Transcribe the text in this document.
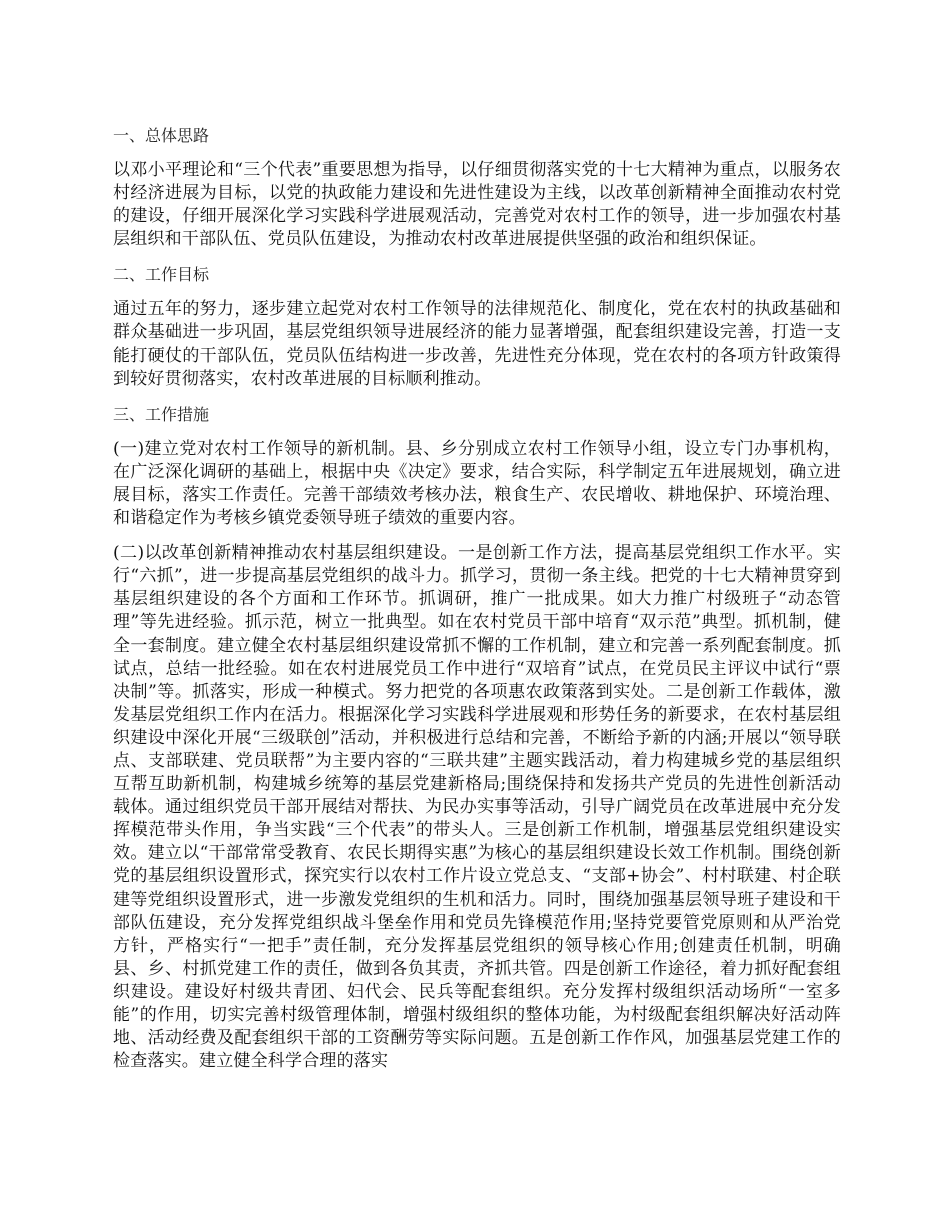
一、总体思路

以邓小平理论和“三个代表”重要思想为指导，以仔细贯彻落实党的十七大精神为重点，以服务农村经济进展为目标，以党的执政能力建设和先进性建设为主线，以改革创新精神全面推动农村党的建设，仔细开展深化学习实践科学进展观活动，完善党对农村工作的领导，进一步加强农村基层组织和干部队伍、党员队伍建设，为推动农村改革进展提供坚强的政治和组织保证。

二、工作目标

通过五年的努力，逐步建立起党对农村工作领导的法律规范化、制度化，党在农村的执政基础和群众基础进一步巩固，基层党组织领导进展经济的能力显著增强，配套组织建设完善，打造一支能打硬仗的干部队伍，党员队伍结构进一步改善，先进性充分体现，党在农村的各项方针政策得到较好贯彻落实，农村改革进展的目标顺利推动。

三、工作措施

(一)建立党对农村工作领导的新机制。县、乡分别成立农村工作领导小组，设立专门办事机构，在广泛深化调研的基础上，根据中央《决定》要求，结合实际，科学制定五年进展规划，确立进展目标，落实工作责任。完善干部绩效考核办法，粮食生产、农民增收、耕地保护、环境治理、和谐稳定作为考核乡镇党委领导班子绩效的重要内容。

(二)以改革创新精神推动农村基层组织建设。一是创新工作方法，提高基层党组织工作水平。实行“六抓”，进一步提高基层党组织的战斗力。抓学习，贯彻一条主线。把党的十七大精神贯穿到基层组织建设的各个方面和工作环节。抓调研，推广一批成果。如大力推广村级班子“动态管理”等先进经验。抓示范，树立一批典型。如在农村党员干部中培育“双示范”典型。抓机制，健全一套制度。建立健全农村基层组织建设常抓不懈的工作机制，建立和完善一系列配套制度。抓试点，总结一批经验。如在农村进展党员工作中进行“双培育”试点，在党员民主评议中试行“票决制”等。抓落实，形成一种模式。努力把党的各项惠农政策落到实处。二是创新工作载体，激发基层党组织工作内在活力。根据深化学习实践科学进展观和形势任务的新要求，在农村基层组织建设中深化开展“三级联创”活动，并积极进行总结和完善，不断给予新的内涵;开展以“领导联点、支部联建、党员联帮”为主要内容的“三联共建”主题实践活动，着力构建城乡党的基层组织互帮互助新机制，构建城乡统筹的基层党建新格局;围绕保持和发扬共产党员的先进性创新活动载体。通过组织党员干部开展结对帮扶、为民办实事等活动，引导广阔党员在改革进展中充分发挥模范带头作用，争当实践“三个代表”的带头人。三是创新工作机制，增强基层党组织建设实效。建立以“干部常常受教育、农民长期得实惠”为核心的基层组织建设长效工作机制。围绕创新党的基层组织设置形式，探究实行以农村工作片设立党总支、“支部+协会”、村村联建、村企联建等党组织设置形式，进一步激发党组织的生机和活力。同时，围绕加强基层领导班子建设和干部队伍建设，充分发挥党组织战斗堡垒作用和党员先锋模范作用;坚持党要管党原则和从严治党方针，严格实行“一把手”责任制，充分发挥基层党组织的领导核心作用;创建责任机制，明确县、乡、村抓党建工作的责任，做到各负其责，齐抓共管。四是创新工作途径，着力抓好配套组织建设。建设好村级共青团、妇代会、民兵等配套组织。充分发挥村级组织活动场所“一室多能”的作用，切实完善村级管理体制，增强村级组织的整体功能，为村级配套组织解决好活动阵地、活动经费及配套组织干部的工资酬劳等实际问题。五是创新工作作风，加强基层党建工作的检查落实。建立健全科学合理的落实
